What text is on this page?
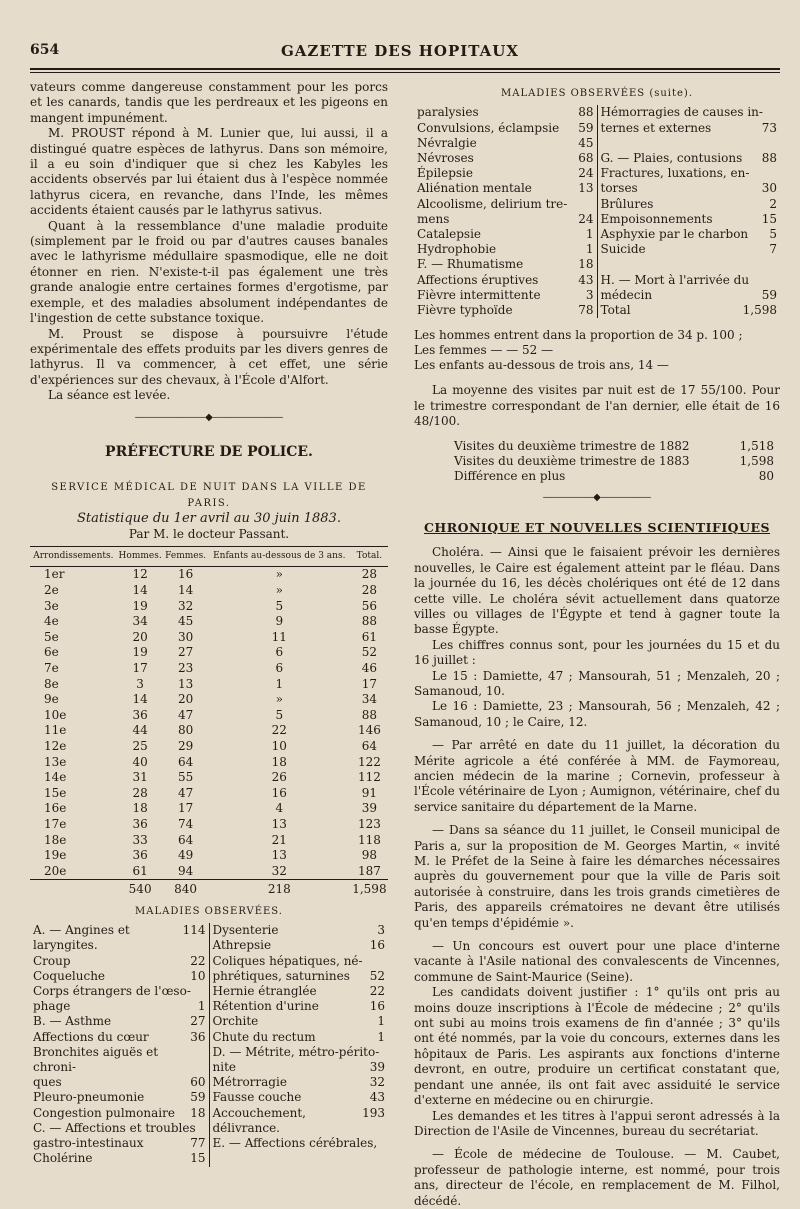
654	GAZETTE DES HOPITAUX

vateurs comme dangereuse constamment pour les porcs et les canards, tandis que les perdreaux et les pigeons en mangent impunément.

M. PROUST répond à M. Lunier que, lui aussi, il a distingué quatre espèces de lathyrus. Dans son mémoire, il a eu soin d'indiquer que si chez les Kabyles les accidents observés par lui étaient dus à l'espèce nommée lathyrus cicera, en revanche, dans l'Inde, les mêmes accidents étaient causés par le lathyrus sativus.

Quant à la ressemblance d'une maladie produite (simplement par le froid ou par d'autres causes banales avec le lathyrisme médullaire spasmodique, elle ne doit étonner en rien. N'existe-t-il pas également une très grande analogie entre certaines formes d'ergotisme, par exemple, et des maladies absolument indépendantes de l'ingestion de cette substance toxique.

M. Proust se dispose à poursuivre l'étude expérimentale des effets produits par les divers genres de lathyrus. Il va commencer, à cet effet, une série d'expériences sur des chevaux, à l'École d'Alfort.

La séance est levée.

―――――――◆―――――――
PRÉFECTURE DE POLICE.
SERVICE MÉDICAL DE NUIT DANS LA VILLE DE PARIS.
Statistique du 1er avril au 30 juin 1883.
Par M. le docteur Passant.
Arrondissements.	Hommes.	Femmes.	Enfants au-dessous de 3 ans.	Total.
1er	12	16	»	28
2e	14	14	»	28
3e	19	32	5	56
4e	34	45	9	88
5e	20	30	11	61
6e	19	27	6	52
7e	17	23	6	46
8e	3	13	1	17
9e	14	20	»	34
10e	36	47	5	88
11e	44	80	22	146
12e	25	29	10	64
13e	40	64	18	122
14e	31	55	26	112
15e	28	47	16	91
16e	18	17	4	39
17e	36	74	13	123
18e	33	64	21	118
19e	36	49	13	98
20e	61	94	32	187
	540	840	218	1,598
MALADIES OBSERVÉES.
A. — Angines et laryngites.
114
Croup	22
Coqueluche	10
Corps étrangers de l'œso-
phage	1
B. — Asthme	27
Affections du cœur	36
Bronchites aiguës et chroni-
ques	60
Pleuro-pneumonie	59
Congestion pulmonaire	18
C. — Affections et troubles
gastro-intestinaux	77
Cholérine	15

Dysenterie	3
Athrepsie	16
Coliques hépatiques, né-
phrétiques, saturnines	52
Hernie étranglée	22
Rétention d'urine	16
Orchite	1
Chute du rectum	1
D. — Métrite, métro-périto-
nite	39
Métrorragie	32
Fausse couche	43
Accouchement, délivrance.
193
E. — Affections cérébrales,
MALADIES OBSERVÉES (suite).
paralysies	88
Convulsions, éclampsie	59
Névralgie	45
Névroses	68
Épilepsie	24
Aliénation mentale	13
Alcoolisme, delirium tre-
mens	24
Catalepsie	1
Hydrophobie	1
F. — Rhumatisme	18
Affections éruptives	43
Fièvre intermittente	3
Fièvre typhoïde	78

Hémorragies de causes in-
ternes et externes	73

G. — Plaies, contusions	88
Fractures, luxations, en-
torses	30
Brûlures	2
Empoisonnements	15
Asphyxie par le charbon	5
Suicide	7

H. — Mort à l'arrivée du
médecin	59
Total	1,598
Les hommes entrent dans la proportion de 34 p. 100 ;
Les femmes — — 52 —
Les enfants au-dessous de trois ans, 14 —

La moyenne des visites par nuit est de 17 55/100. Pour le trimestre correspondant de l'an dernier, elle était de 16 48/100.

Visites du deuxième trimestre de 1882	1,518
Visites du deuxième trimestre de 1883	1,598
Différence en plus	80
―――――◆―――――
CHRONIQUE ET NOUVELLES SCIENTIFIQUES

Choléra. — Ainsi que le faisaient prévoir les dernières nouvelles, le Caire est également atteint par le fléau. Dans la journée du 16, les décès cholériques ont été de 12 dans cette ville. Le choléra sévit actuellement dans quatorze villes ou villages de l'Égypte et tend à gagner toute la basse Égypte.

Les chiffres connus sont, pour les journées du 15 et du 16 juillet :

Le 15 : Damiette, 47 ; Mansourah, 51 ; Menzaleh, 20 ; Samanoud, 10.

Le 16 : Damiette, 23 ; Mansourah, 56 ; Menzaleh, 42 ; Samanoud, 10 ; le Caire, 12.

— Par arrêté en date du 11 juillet, la décoration du Mérite agricole a été conférée à MM. de Faymoreau, ancien médecin de la marine ; Cornevin, professeur à l'École vétérinaire de Lyon ; Aumignon, vétérinaire, chef du service sanitaire du département de la Marne.

— Dans sa séance du 11 juillet, le Conseil municipal de Paris a, sur la proposition de M. Georges Martin, « invité M. le Préfet de la Seine à faire les démarches nécessaires auprès du gouvernement pour que la ville de Paris soit autorisée à construire, dans les trois grands cimetières de Paris, des appareils crématoires ne devant être utilisés qu'en temps d'épidémie ».

— Un concours est ouvert pour une place d'interne vacante à l'Asile national des convalescents de Vincennes, commune de Saint-Maurice (Seine).

Les candidats doivent justifier : 1° qu'ils ont pris au moins douze inscriptions à l'École de médecine ; 2° qu'ils ont subi au moins trois examens de fin d'année ; 3° qu'ils ont été nommés, par la voie du concours, externes dans les hôpitaux de Paris. Les aspirants aux fonctions d'interne devront, en outre, produire un certificat constatant que, pendant une année, ils ont fait avec assiduité le service d'externe en médecine ou en chirurgie.

Les demandes et les titres à l'appui seront adressés à la Direction de l'Asile de Vincennes, bureau du secrétariat.

— École de médecine de Toulouse. — M. Caubet, professeur de pathologie interne, est nommé, pour trois ans, directeur de l'école, en remplacement de M. Filhol, décédé.
